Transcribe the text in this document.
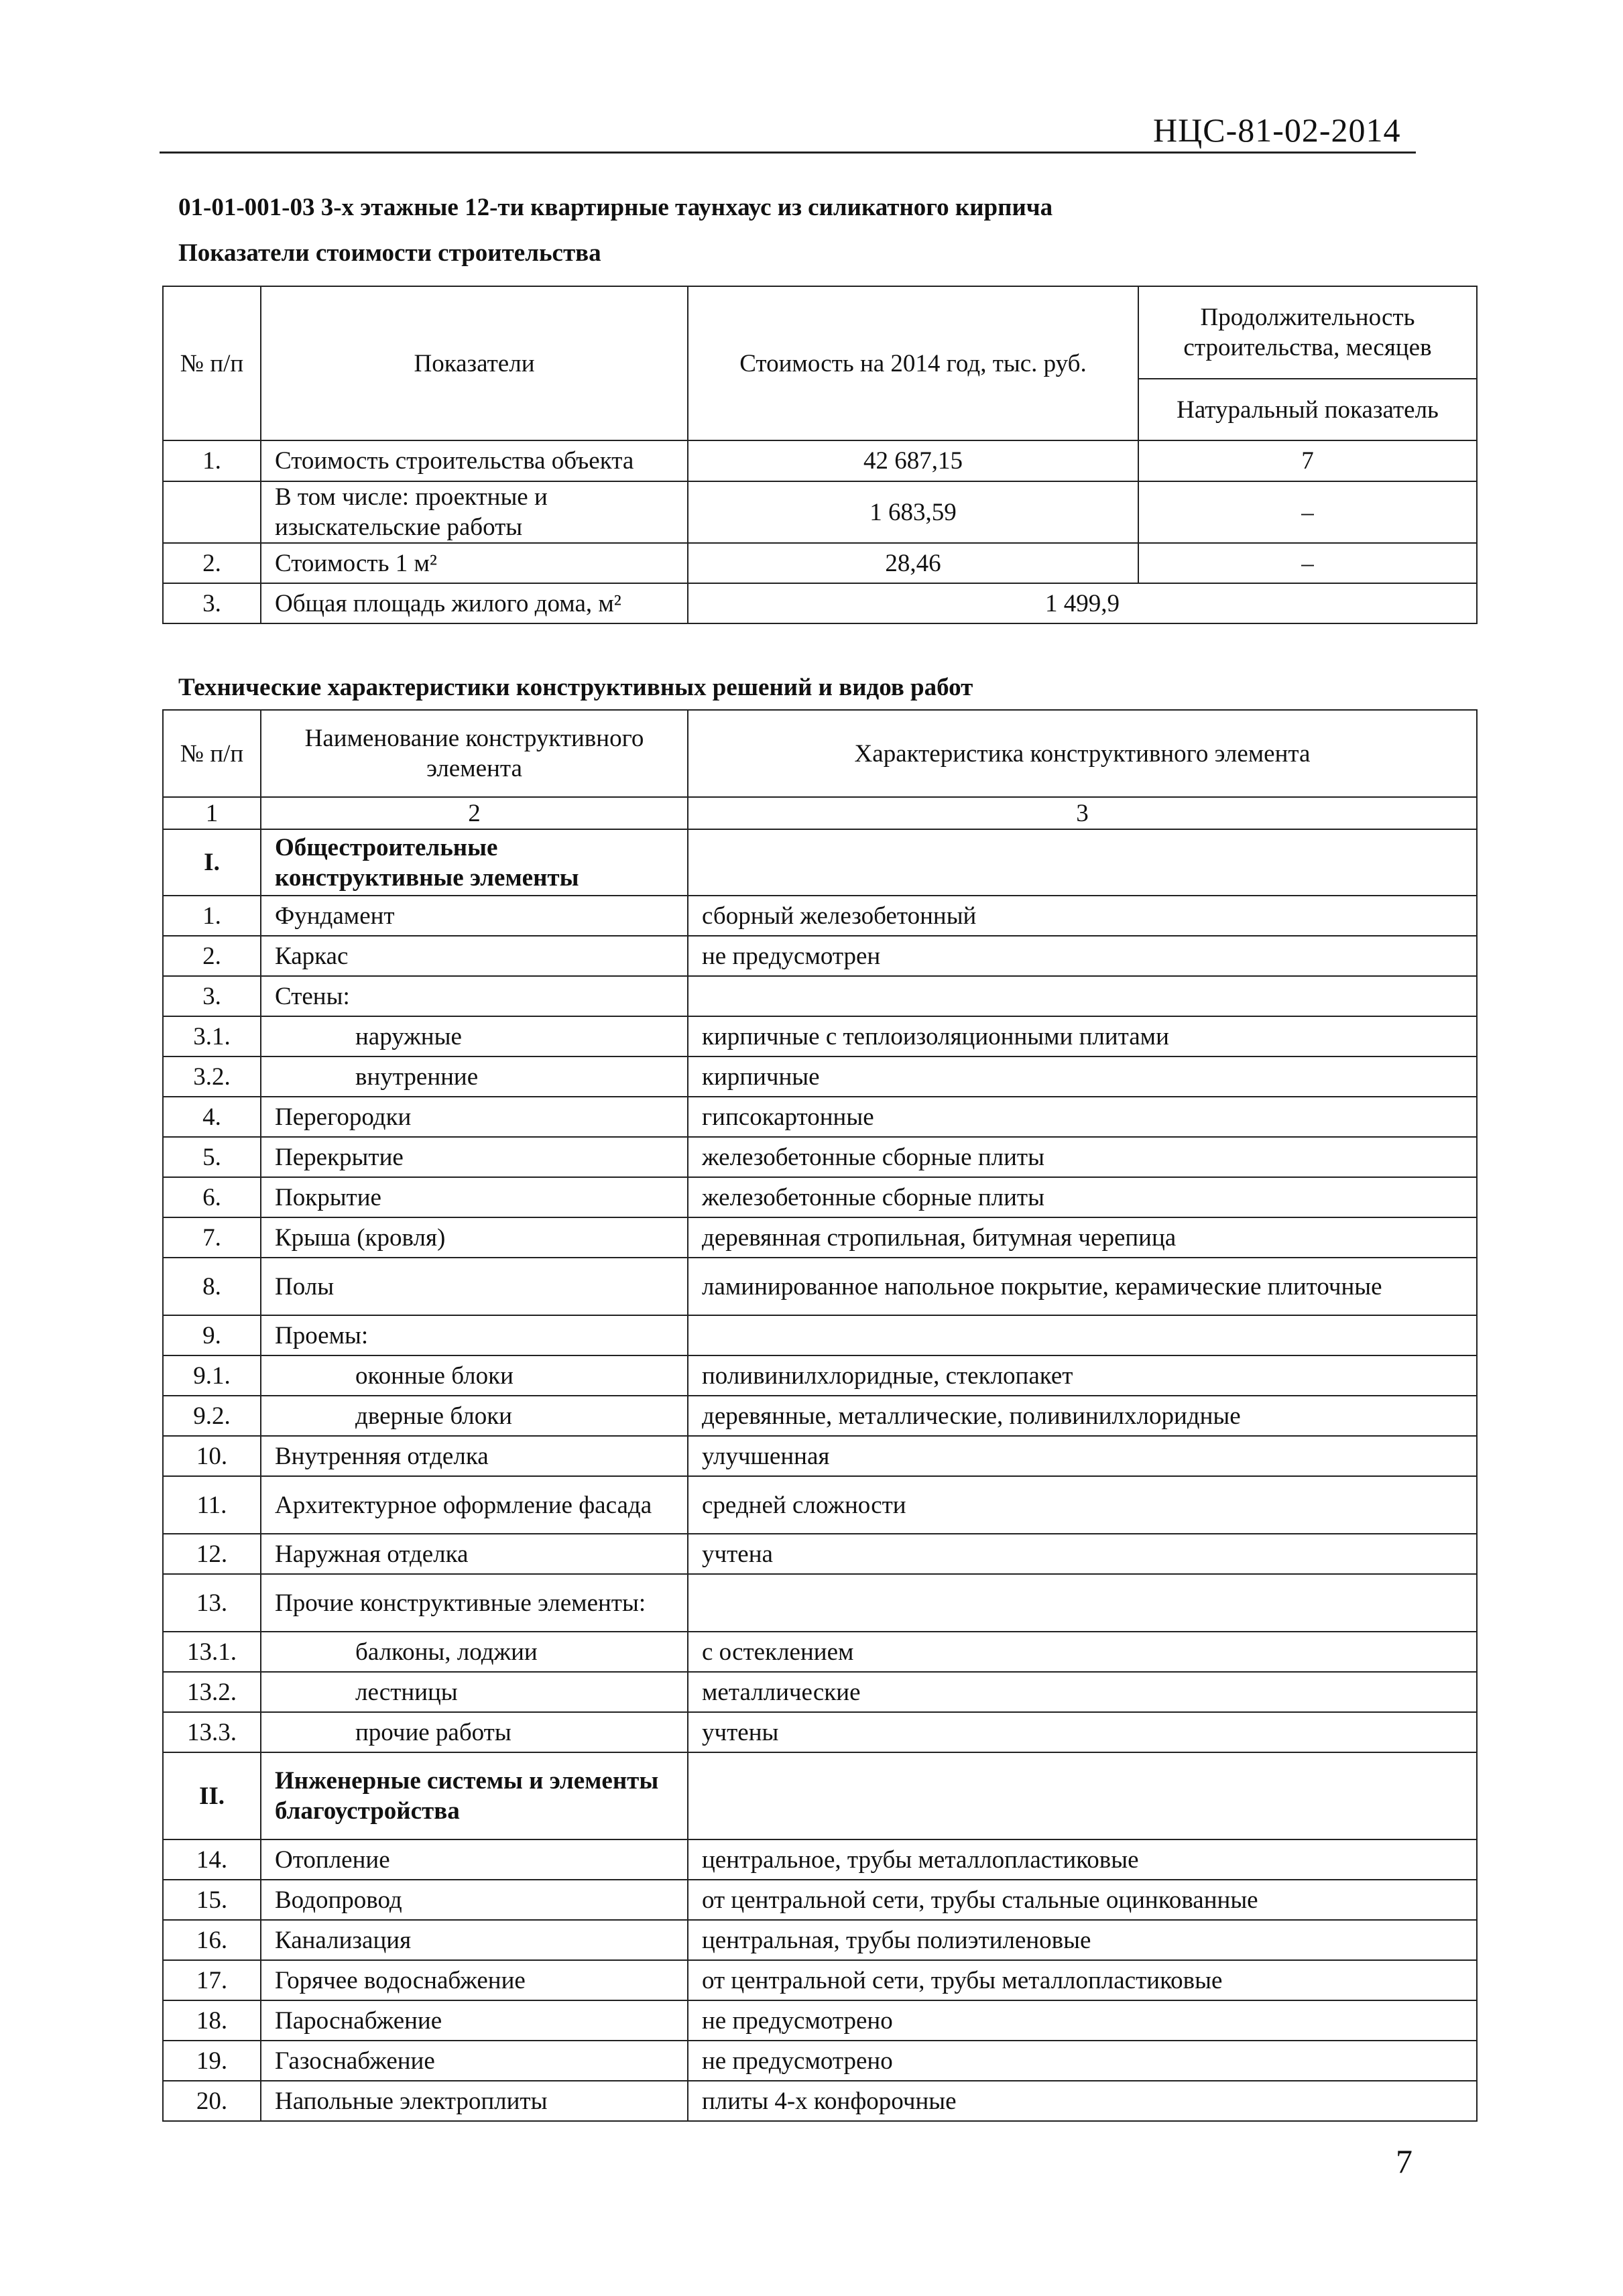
НЦС-81-02-2014
01-01-001-03 3-х этажные 12-ти квартирные таунхаус из силикатного кирпича
Показатели стоимости строительства
№ п/п	Показатели	Стоимость на 2014 год, тыс. руб.	Продолжительность строительства, месяцев
			Натуральный показатель
1.	Стоимость строительства объекта	42 687,15	7
	В том числе: проектные и изыскательские работы	1 683,59	–
2.	Стоимость 1 м²	28,46	–
3.	Общая площадь жилого дома, м²	1 499,9	
Технические характеристики конструктивных решений и видов работ
№ п/п	Наименование конструктивного элемента	Характеристика конструктивного элемента
1	2	3
I.	Общестроительные конструктивные элементы	
1.	Фундамент	сборный железобетонный
2.	Каркас	не предусмотрен
3.	Стены:	
3.1.	наружные	кирпичные с теплоизоляционными плитами
3.2.	внутренние	кирпичные
4.	Перегородки	гипсокартонные
5.	Перекрытие	железобетонные сборные плиты
6.	Покрытие	железобетонные сборные плиты
7.	Крыша (кровля)	деревянная стропильная, битумная черепица
8.	Полы	ламинированное напольное покрытие, керамические плиточные
9.	Проемы:	
9.1.	оконные блоки	поливинилхлоридные, стеклопакет
9.2.	дверные блоки	деревянные, металлические, поливинилхлоридные
10.	Внутренняя отделка	улучшенная
11.	Архитектурное оформление фасада	средней сложности
12.	Наружная отделка	учтена
13.	Прочие конструктивные элементы:	
13.1.	балконы, лоджии	с остеклением
13.2.	лестницы	металлические
13.3.	прочие работы	учтены
II.	Инженерные системы и элементы благоустройства	
14.	Отопление	центральное, трубы металлопластиковые
15.	Водопровод	от центральной сети, трубы стальные оцинкованные
16.	Канализация	центральная, трубы полиэтиленовые
17.	Горячее водоснабжение	от центральной сети, трубы металлопластиковые
18.	Пароснабжение	не предусмотрено
19.	Газоснабжение	не предусмотрено
20.	Напольные электроплиты	плиты 4-х конфорочные
7
